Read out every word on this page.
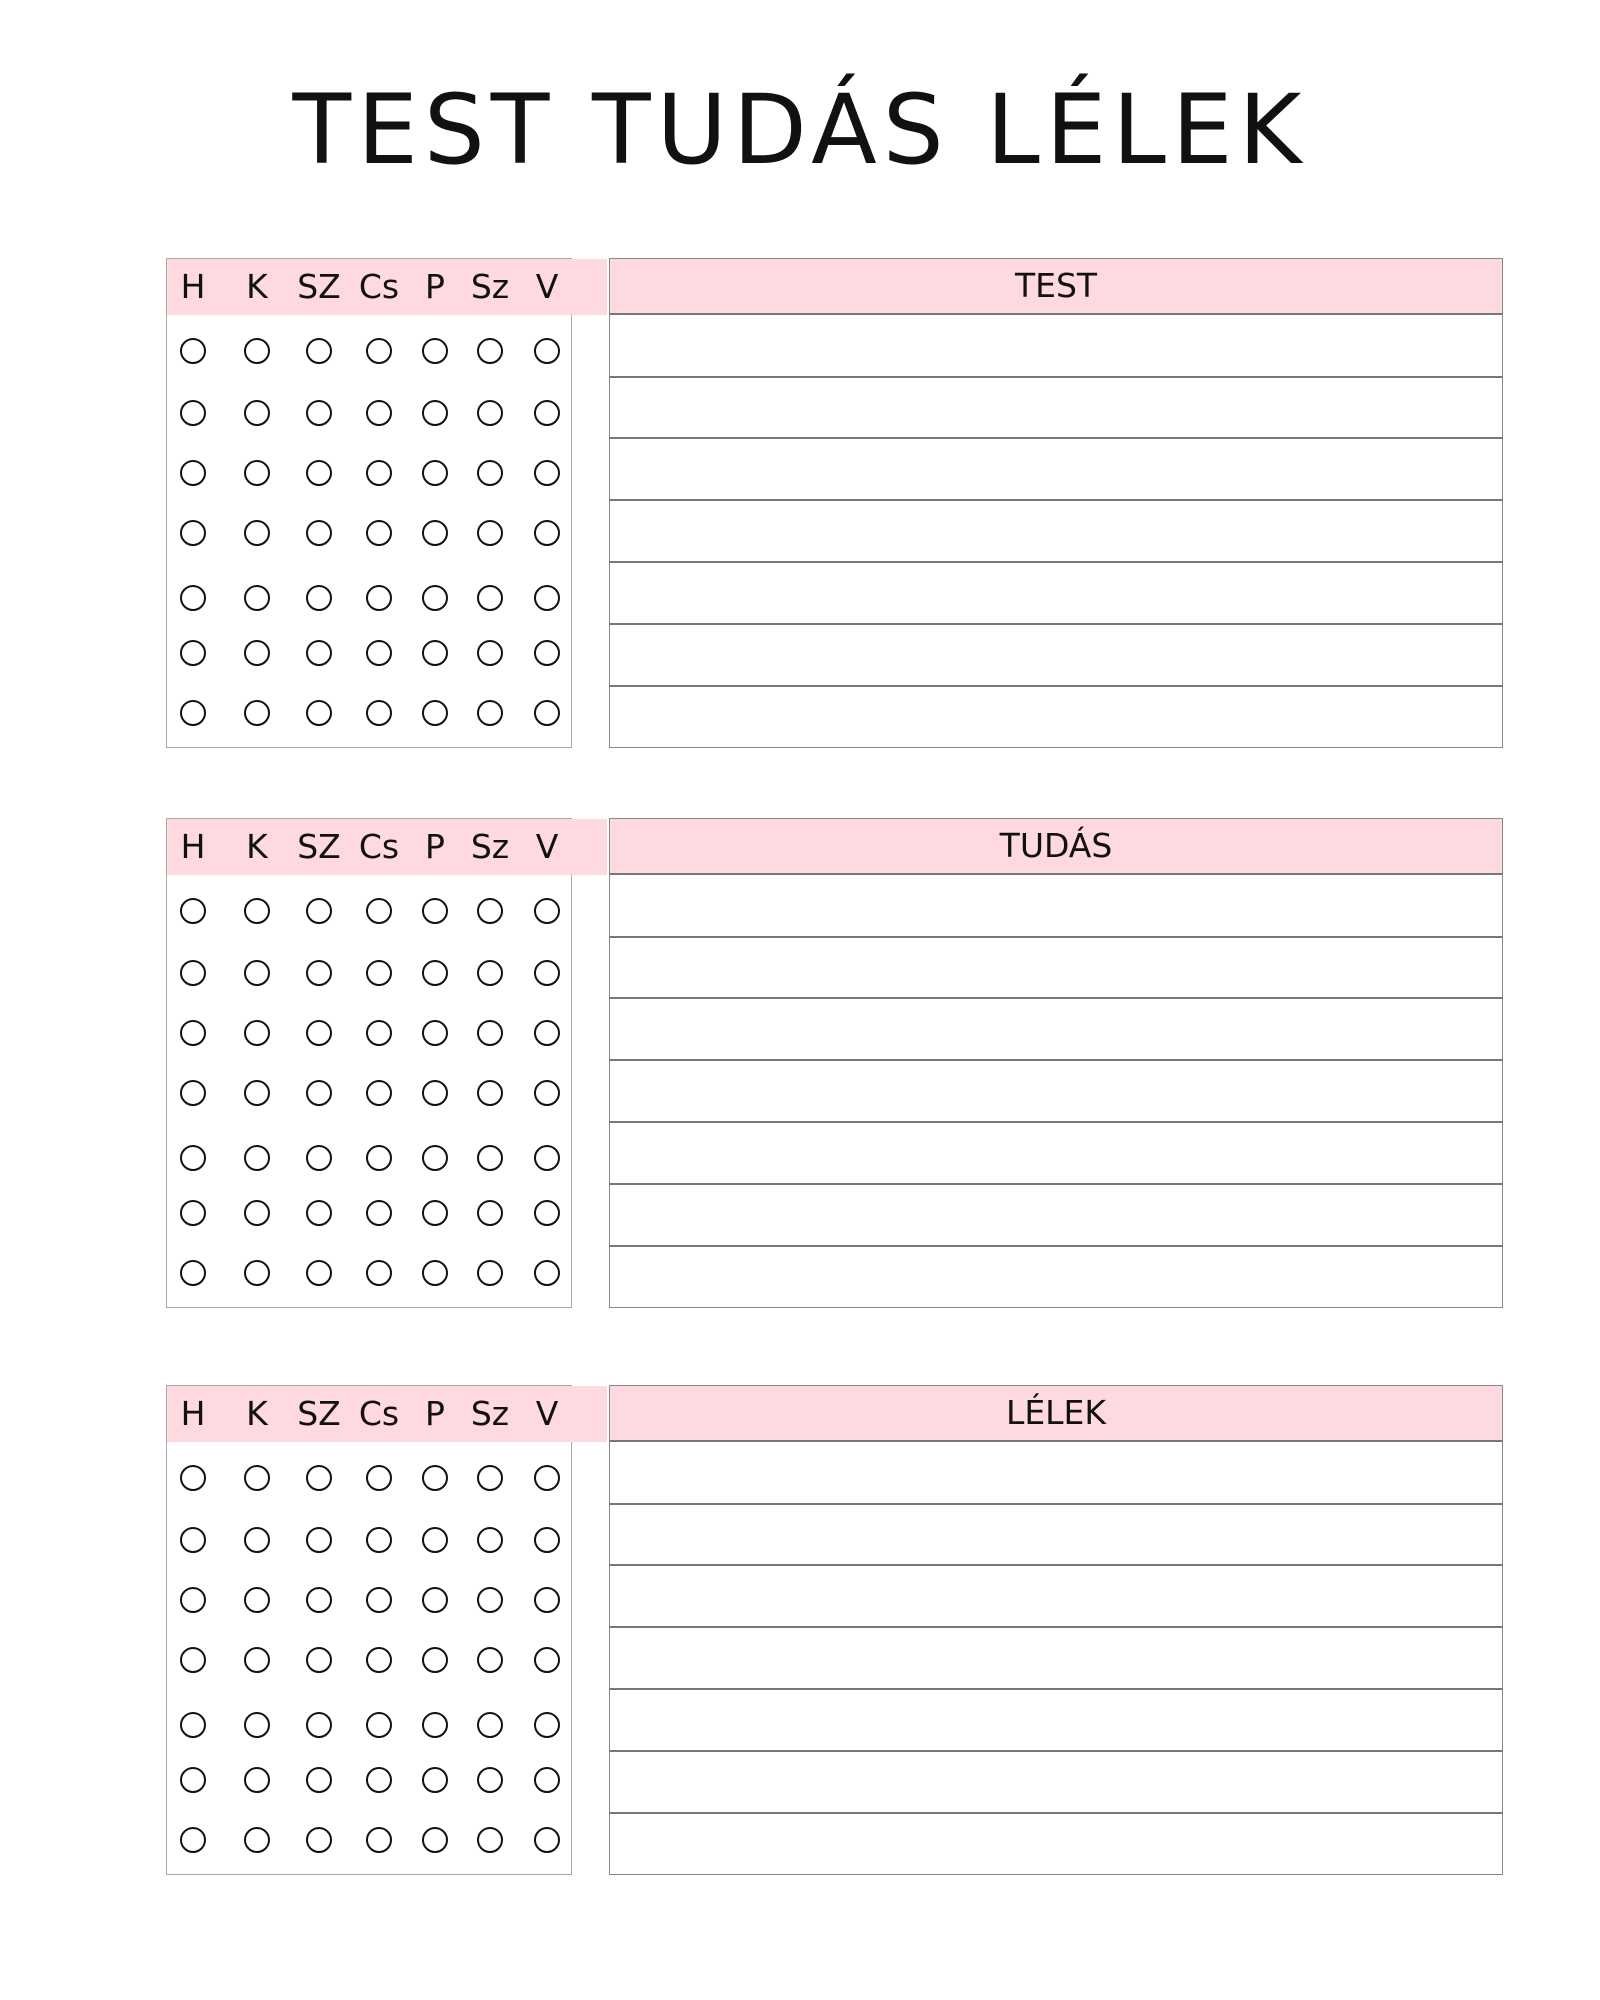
TEST TUDÁS LÉLEK
H K SZ Cs P Sz V	TEST
H K SZ Cs P Sz V	TUDÁS
H K SZ Cs P Sz V	LÉLEK
